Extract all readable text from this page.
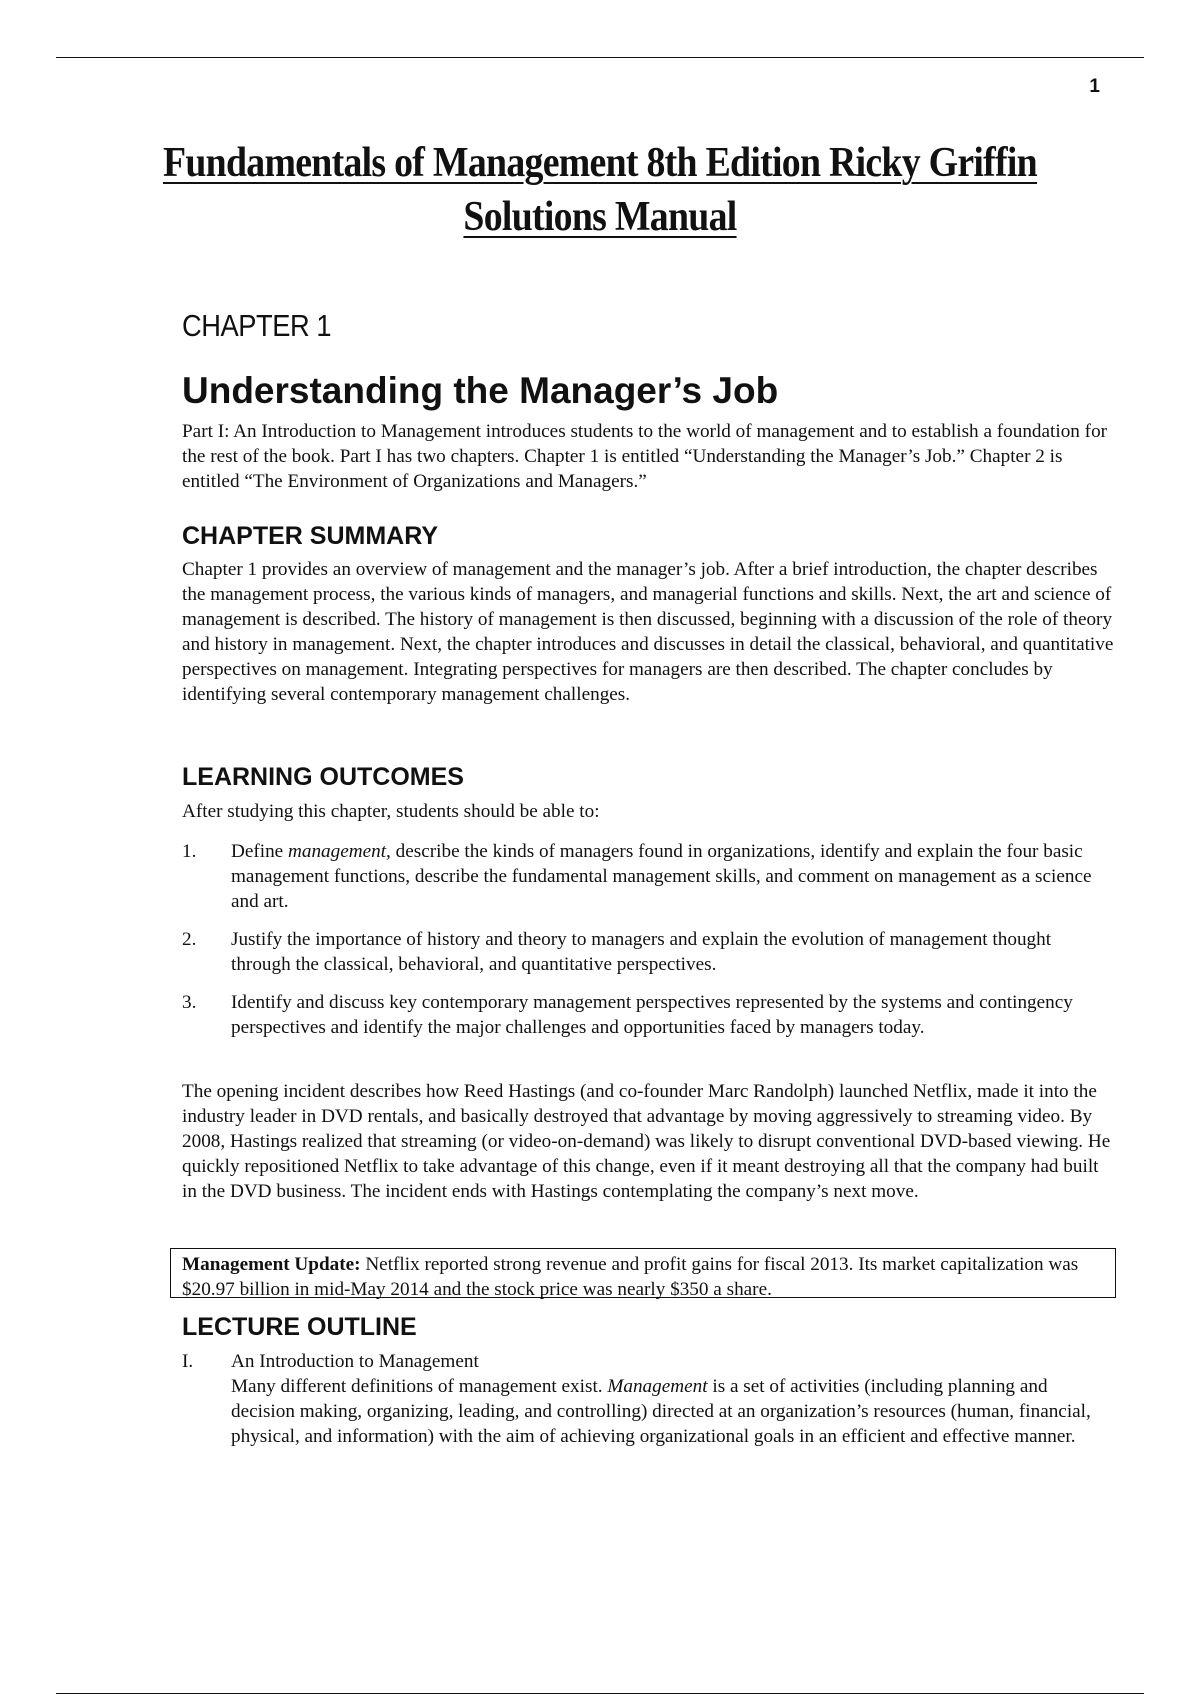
1
Fundamentals of Management 8th Edition Ricky Griffin
Solutions Manual
CHAPTER 1
Understanding the Manager’s Job

Part I: An Introduction to Management introduces students to the world of management and to establish a foundation for the rest of the book. Part I has two chapters. Chapter 1 is entitled “Understanding the Manager’s Job.” Chapter 2 is entitled “The Environment of Organizations and Managers.”

CHAPTER SUMMARY

Chapter 1 provides an overview of management and the manager’s job. After a brief introduction, the chapter describes the management process, the various kinds of managers, and managerial functions and skills. Next, the art and science of management is described. The history of management is then discussed, beginning with a discussion of the role of theory and history in management. Next, the chapter introduces and discusses in detail the classical, behavioral, and quantitative perspectives on management. Integrating perspectives for managers are then described. The chapter concludes by identifying several contemporary management challenges.

LEARNING OUTCOMES

After studying this chapter, students should be able to:

1.	Define management, describe the kinds of managers found in organizations, identify and explain the four basic management functions, describe the fundamental management skills, and comment on management as a science and art.
2.	Justify the importance of history and theory to managers and explain the evolution of management thought through the classical, behavioral, and quantitative perspectives.
3.	Identify and discuss key contemporary management perspectives represented by the systems and contingency perspectives and identify the major challenges and opportunities faced by managers today.

The opening incident describes how Reed Hastings (and co-founder Marc Randolph) launched Netflix, made it into the industry leader in DVD rentals, and basically destroyed that advantage by moving aggressively to streaming video. By 2008, Hastings realized that streaming (or video-on-demand) was likely to disrupt conventional DVD-based viewing. He quickly repositioned Netflix to take advantage of this change, even if it meant destroying all that the company had built in the DVD business. The incident ends with Hastings contemplating the company’s next move.

Management Update: Netflix reported strong revenue and profit gains for fiscal 2013. Its market capitalization was $20.97 billion in mid-May 2014 and the stock price was nearly $350 a share.
LECTURE OUTLINE
I. An Introduction to Management
Many different definitions of management exist. Management is a set of activities (including planning and decision making, organizing, leading, and controlling) directed at an organization’s resources (human, financial, physical, and information) with the aim of achieving organizational goals in an efficient and effective manner.
